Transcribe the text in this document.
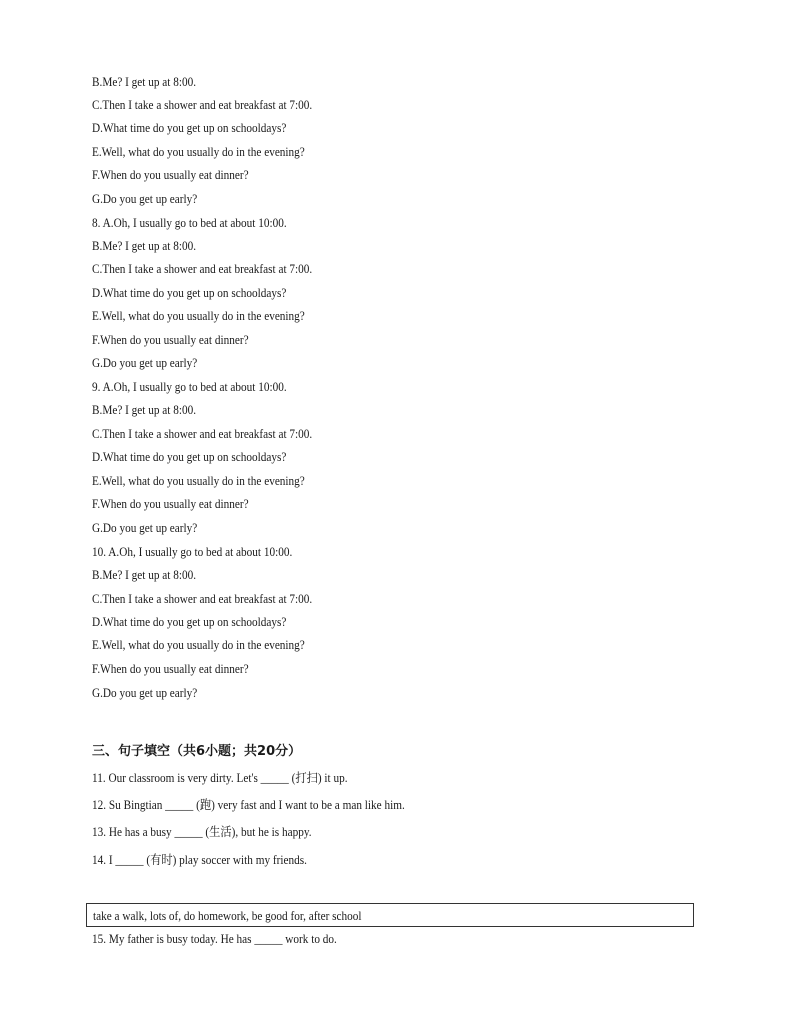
B.Me? I get up at 8:00.
C.Then I take a shower and eat breakfast at 7:00.
D.What time do you get up on schooldays?
E.Well, what do you usually do in the evening?
F.When do you usually eat dinner?
G.Do you get up early?
8. A.Oh, I usually go to bed at about 10:00.
B.Me? I get up at 8:00.
C.Then I take a shower and eat breakfast at 7:00.
D.What time do you get up on schooldays?
E.Well, what do you usually do in the evening?
F.When do you usually eat dinner?
G.Do you get up early?
9. A.Oh, I usually go to bed at about 10:00.
B.Me? I get up at 8:00.
C.Then I take a shower and eat breakfast at 7:00.
D.What time do you get up on schooldays?
E.Well, what do you usually do in the evening?
F.When do you usually eat dinner?
G.Do you get up early?
10. A.Oh, I usually go to bed at about 10:00.
B.Me? I get up at 8:00.
C.Then I take a shower and eat breakfast at 7:00.
D.What time do you get up on schooldays?
E.Well, what do you usually do in the evening?
F.When do you usually eat dinner?
G.Do you get up early?
三、句子填空（共6小题；共20分）
11. Our classroom is very dirty. Let's _____ (打扫) it up.
12. Su Bingtian _____ (跑) very fast and I want to be a man like him.
13. He has a busy _____ (生活), but he is happy.
14. I _____ (有时) play soccer with my friends.
take a walk, lots of, do homework, be good for, after school
15. My father is busy today. He has _____ work to do.
